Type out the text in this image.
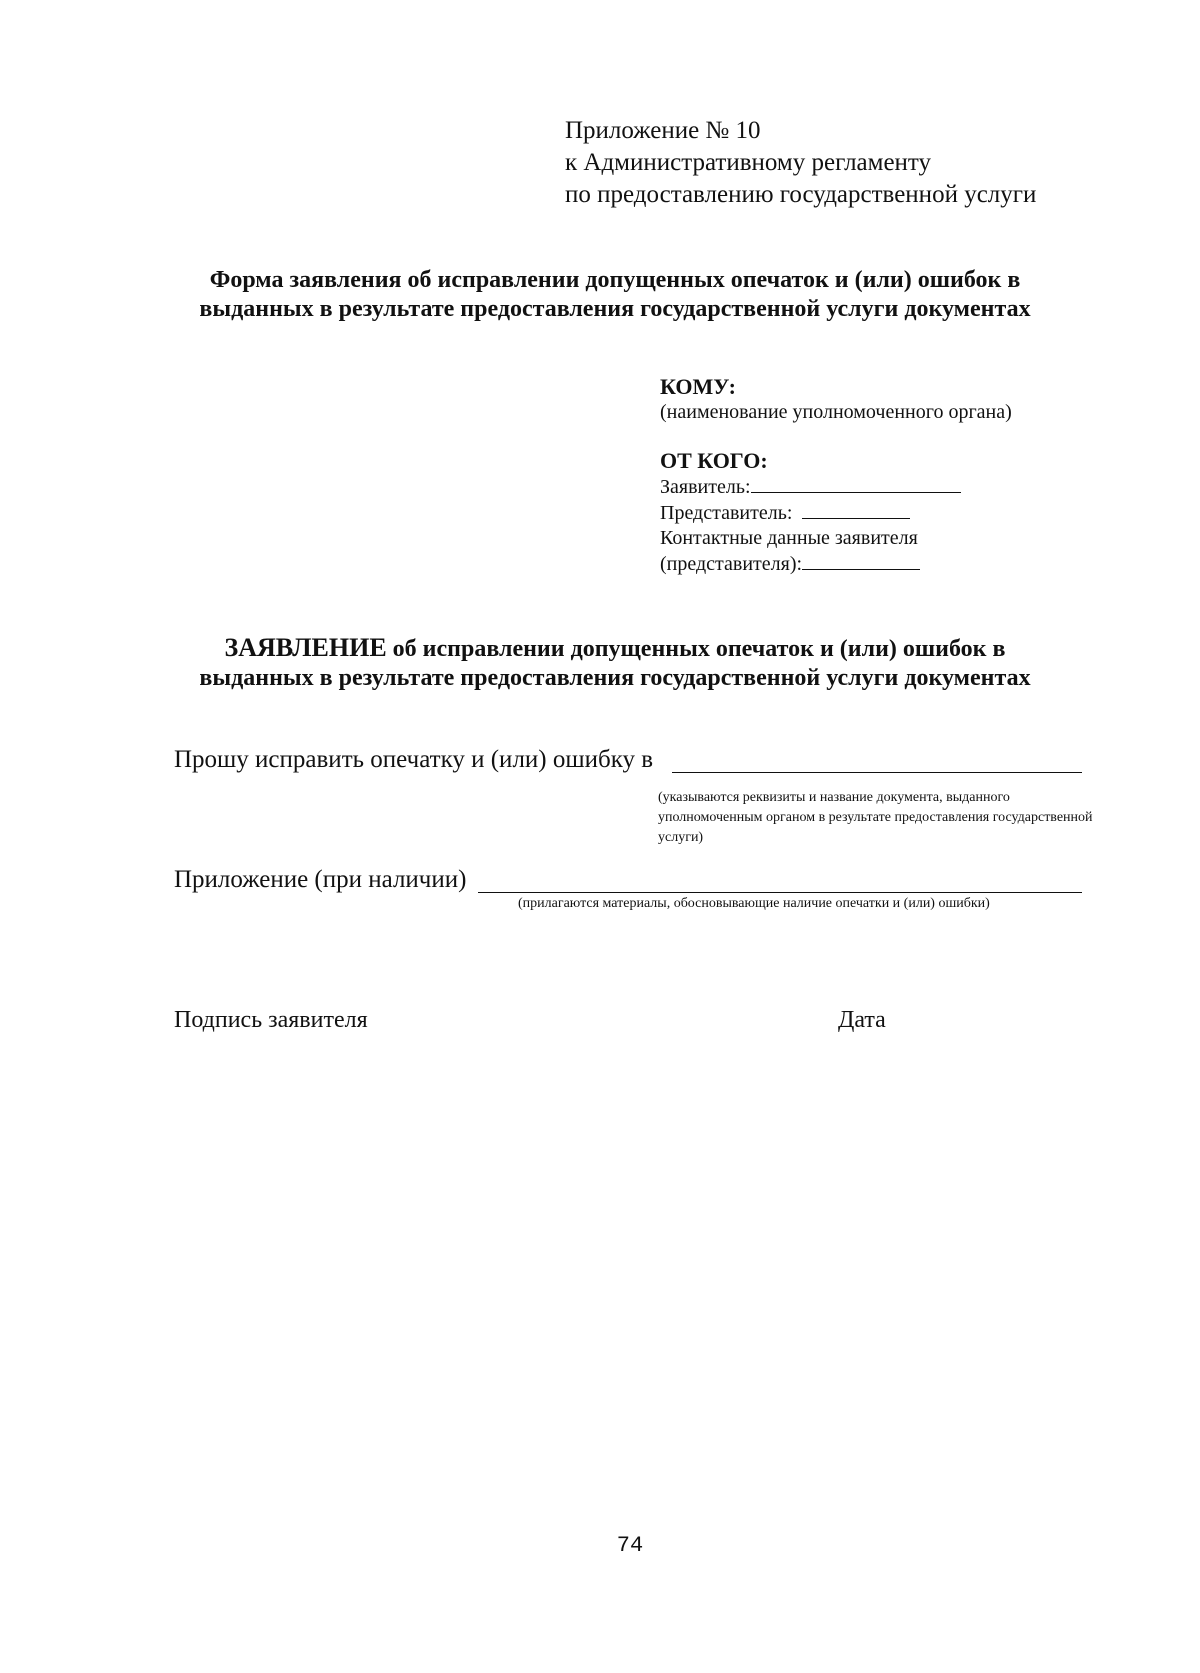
Приложение № 10
к Административному регламенту
по предоставлению государственной услуги
Форма заявления об исправлении допущенных опечаток и (или) ошибок в
выданных в результате предоставления государственной услуги документах
КОМУ:
(наименование уполномоченного органа)
ОТ КОГО:
Заявитель:
Представитель:
Контактные данные заявителя
(представителя):
ЗАЯВЛЕНИЕ об исправлении допущенных опечаток и (или) ошибок в
выданных в результате предоставления государственной услуги документах
Прошу исправить опечатку и (или) ошибку в
(указываются реквизиты и название документа, выданного уполномоченным органом в результате предоставления государственной услуги)
Приложение (при наличии)
(прилагаются материалы, обосновывающие наличие опечатки и (или) ошибки)
Подпись заявителя	Дата
74
